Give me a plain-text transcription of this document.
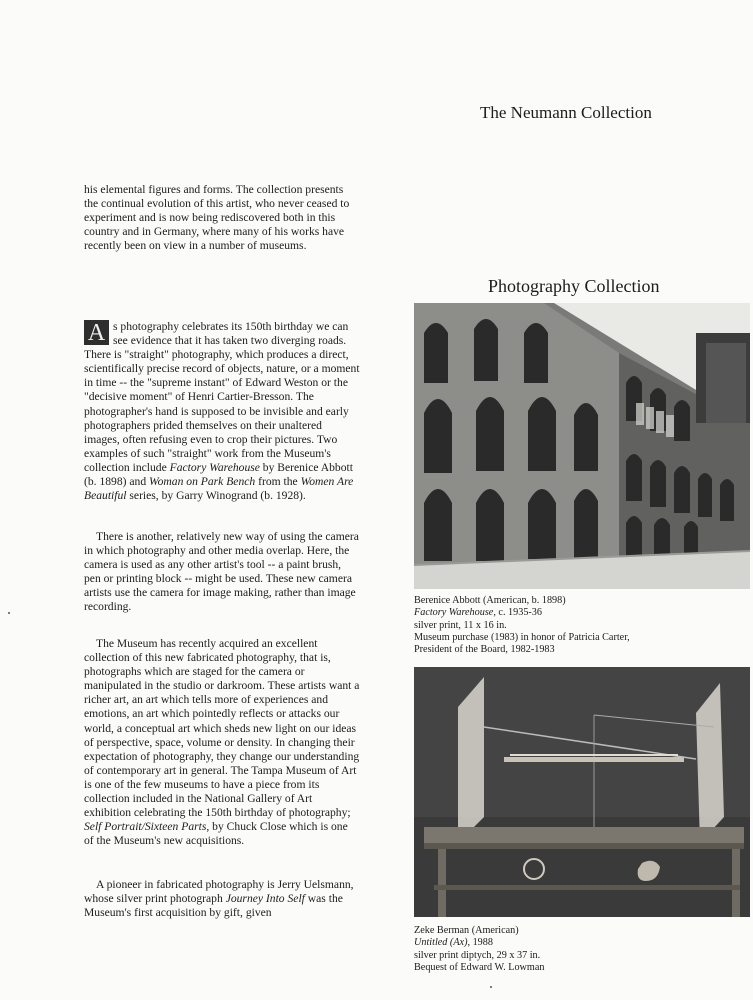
The Neumann Collection

his elemental figures and forms. The collection presents the continual evolution of this artist, who never ceased to experiment and is now being rediscovered both in this country and in Germany, where many of his works have recently been on view in a number of museums.

Photography Collection

A s photography celebrates its 150th birthday we can see evidence that it has taken two diverging roads. There is "straight" photography, which produces a direct, scientifically precise record of objects, nature, or a moment in time -- the "supreme instant" of Edward Weston or the "decisive moment" of Henri Cartier-Bresson. The photographer's hand is supposed to be invisible and early photographers prided themselves on their unaltered images, often refusing even to crop their pictures. Two examples of such "straight" work from the Museum's collection include Factory Warehouse by Berenice Abbott (b. 1898) and Woman on Park Bench from the Women Are Beautiful series, by Garry Winogrand (b. 1928).

There is another, relatively new way of using the camera in which photography and other media overlap. Here, the camera is used as any other artist's tool -- a paint brush, pen or printing block -- might be used. These new camera artists use the camera for image making, rather than image recording.

The Museum has recently acquired an excellent collection of this new fabricated photography, that is, photographs which are staged for the camera or manipulated in the studio or darkroom. These artists want a richer art, an art which tells more of experiences and emotions, an art which pointedly reflects or attacks our world, a conceptual art which sheds new light on our ideas of perspective, space, volume or density. In changing their expectation of photography, they change our understanding of contemporary art in general. The Tampa Museum of Art is one of the few museums to have a piece from its collection included in the National Gallery of Art exhibition celebrating the 150th birthday of photography; Self Portrait/Sixteen Parts, by Chuck Close which is one of the Museum's new acquisitions.

A pioneer in fabricated photography is Jerry Uelsmann, whose silver print photograph Journey Into Self was the Museum's first acquisition by gift, given

Berenice Abbott (American, b. 1898)
Factory Warehouse, c. 1935-36
silver print, 11 x 16 in.
Museum purchase (1983) in honor of Patricia Carter,
President of the Board, 1982-1983
Zeke Berman (American)
Untitled (Ax), 1988
silver print diptych, 29 x 37 in.
Bequest of Edward W. Lowman
